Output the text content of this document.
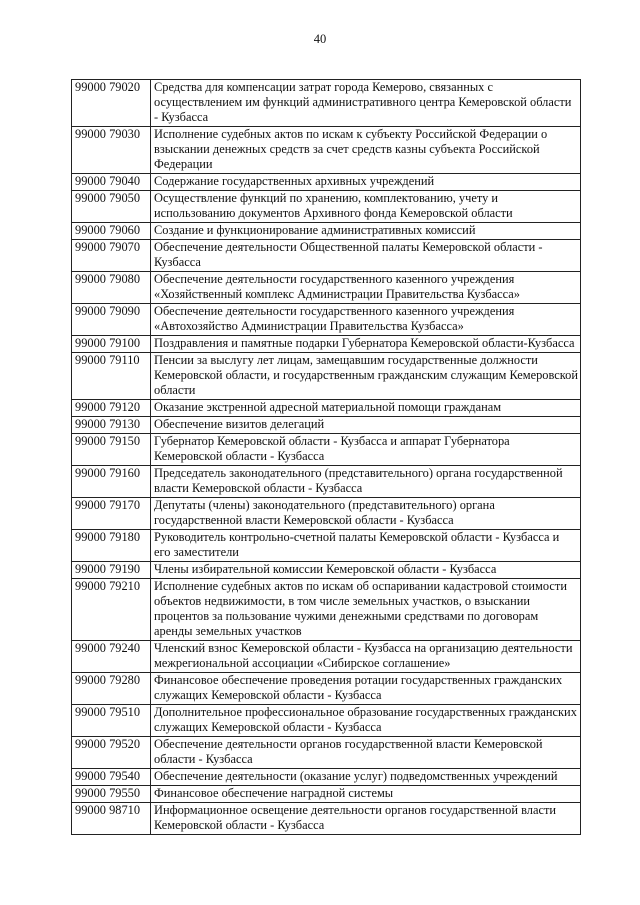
40
99000 79020	Средства для компенсации затрат города Кемерово, связанных с осуществлением им функций административного центра Кемеровской области - Кузбасса
99000 79030	Исполнение судебных актов по искам к субъекту Российской Федерации о взыскании денежных средств за счет средств казны субъекта Российской Федерации
99000 79040	Содержание государственных архивных учреждений
99000 79050	Осуществление функций по хранению, комплектованию, учету и использованию документов Архивного фонда Кемеровской области
99000 79060	Создание и функционирование административных комиссий
99000 79070	Обеспечение деятельности Общественной палаты Кемеровской области - Кузбасса
99000 79080	Обеспечение деятельности государственного казенного учреждения «Хозяйственный комплекс Администрации Правительства Кузбасса»
99000 79090	Обеспечение деятельности государственного казенного учреждения «Автохозяйство Администрации Правительства Кузбасса»
99000 79100	Поздравления и памятные подарки Губернатора Кемеровской области-Кузбасса
99000 79110	Пенсии за выслугу лет лицам, замещавшим государственные должности Кемеровской области, и государственным гражданским служащим Кемеровской области
99000 79120	Оказание экстренной адресной материальной помощи гражданам
99000 79130	Обеспечение визитов делегаций
99000 79150	Губернатор Кемеровской области - Кузбасса и аппарат Губернатора Кемеровской области - Кузбасса
99000 79160	Председатель законодательного (представительного) органа государственной власти Кемеровской области - Кузбасса
99000 79170	Депутаты (члены) законодательного (представительного) органа государственной власти Кемеровской области - Кузбасса
99000 79180	Руководитель контрольно-счетной палаты Кемеровской области - Кузбасса и его заместители
99000 79190	Члены избирательной комиссии Кемеровской области - Кузбасса
99000 79210	Исполнение судебных актов по искам об оспаривании кадастровой стоимости объектов недвижимости, в том числе земельных участков, о взыскании процентов за пользование чужими денежными средствами по договорам аренды земельных участков
99000 79240	Членский взнос Кемеровской области - Кузбасса на организацию деятельности межрегиональной ассоциации «Сибирское соглашение»
99000 79280	Финансовое обеспечение проведения ротации государственных гражданских служащих Кемеровской области - Кузбасса
99000 79510	Дополнительное профессиональное образование государственных гражданских служащих Кемеровской области - Кузбасса
99000 79520	Обеспечение деятельности органов государственной власти Кемеровской области - Кузбасса
99000 79540	Обеспечение деятельности (оказание услуг) подведомственных учреждений
99000 79550	Финансовое обеспечение наградной системы
99000 98710	Информационное освещение деятельности органов государственной власти Кемеровской области - Кузбасса
